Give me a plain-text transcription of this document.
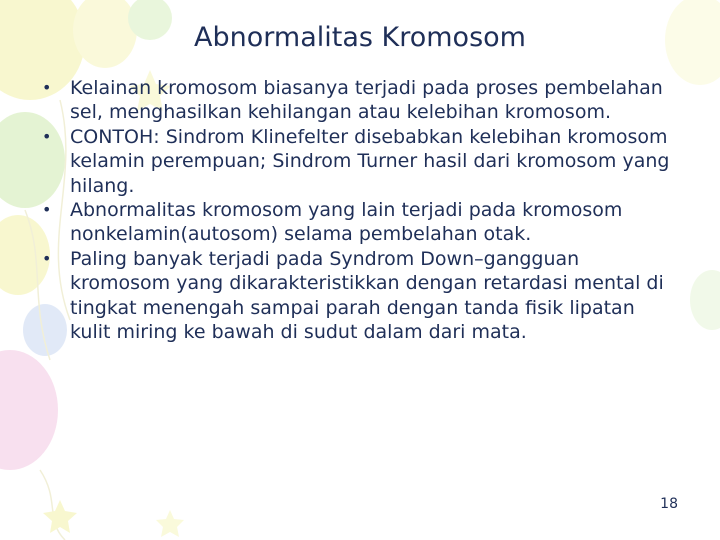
Abnormalitas Kromosom
• Kelainan kromosom biasanya terjadi pada proses pembelahan sel, menghasilkan kehilangan atau kelebihan kromosom.
• CONTOH: Sindrom Klinefelter disebabkan kelebihan kromosom kelamin perempuan; Sindrom Turner hasil dari kromosom yang hilang.
• Abnormalitas kromosom yang lain terjadi pada kromosom nonkelamin(autosom) selama pembelahan otak.
• Paling banyak terjadi pada Syndrom Down–gangguan kromosom yang dikarakteristikkan dengan retardasi mental di tingkat menengah sampai parah dengan tanda fisik lipatan kulit miring ke bawah di sudut dalam dari mata.
18
